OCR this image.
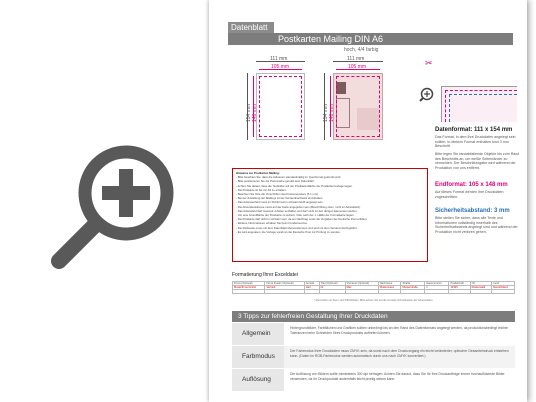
Datenblatt
Postkarten Mailing DIN A6
hoch, 4/4 farbig
111 mm
105 mm
154 mm 148 mm
111 mm
105 mm
154 mm 148 mm
✂
Datenformat: 111 x 154 mm
Das Format, in dem Ihre Druckdaten angelegt sein sollten. In diesem Format enthalten sind 3 mm Beschnitt.
Bitte legen Sie randabfallende Objekte bis zum Rand des Beschnitts an, um weiße Seitenränder zu vermeiden. Der Beschnittzugabe wird während der Produktion von uns entfernt.
Endformat: 105 x 148 mm
Auf dieses Format werden Ihre Druckdaten zugeschnitten.
Sicherheitsabstand: 3 mm
Bitte stellen Sie sicher, dass alle Texte und Informationen vollständig innerhalb des Sicherheitsabstands angelegt sind und während der Produktion nicht verloren gehen.
Hinweise zur Postkarten Mailing:
- Bitte beachten Sie, dass die Adressen standardmäßig im Querformat gedruckt wird.
- Bitte positionieren Sie die Portomarke gemäß dem Datenblatt.
- Achten Sie darauf, dass die Textfelder auf der Postkartenfläche der Postkartenvorlage liegen.
- Die Postkarte ist bis zur A6 zu erhalten.
- Beachten Sie bitte die Vorschriften des Postversenders (5-1 mm).
- Bei der Zustellung der Mailings ist der Versandnachweis einzuhalten.
- Das Adressenfeld muss im Rohformat in schwarz/weiß angelegt sein.
- Die Absenderadresse muss auf der Karte angegeben sein (Beschriftung oben, nicht im Adressfeld).
- Das Adressfeld darf maximal 4 Zeilen enthalten und darf nicht zu den übrigen Elementen stehen.
- Um eine Grundfläche der Postkarte zu sichern, bitte nach der 1. Hälfte der Formatkarte liegen.
- Die Postkarte darf nicht in schwarz sein, da ein Nachtrag muss die Vorgaben der Deutsche Post erfüllen.
- Weitere Informationen erhalten Sie beim Kundenservice.
- Die Rückseite muss mit dem Datenblatt übereinstimmen und wird mit dem Versand durchgeführt.
- Es wird angeraten, die Vorlage vorab an die Deutsche Post zur Prüfung zu senden.
Formatierung Ihrer Exceldatei
Firma (Optional)	Firma Zusatz (Optional)	Anrede	Titel (Optional)	Vorname (Optional)	Nachname	Straße	Hausnummer	Postleitzahl	Ort	Land
Musterfirma GmbH	Vertrieb	Herr	Dr.	Max	Mustermann	Musterstraße	1	12345	Musterstadt	Deutschland

* Alle Felder mit Stern sind Pflichtfelder. Bitte achten Sie auf die korrekte Schreibweise der Adressdaten.
3 Tipps zur fehlerfreien Gestaltung Ihrer Druckdaten
Allgemein
Hintergrundbilder, Farbflächen und Grafiken sollten unbedingt bis an den Rand des Datenformats angelegt werden, da produktionsbedingt leichte Toleranzen beim Schneiden Ihres Druckprodukts auftreten können.
Farbmodus
Der Farbmodus Ihrer Druckdaten muss CMYK sein, da sonst nach dem Druckvorgang ein leicht veränderter, optischer Gesamteindruck entstehen kann. (Daten im RGB-Farbmodus werden automatisch durch uns nach CMYK konvertiert.)
Auflösung
Die Auflösung von Bildern sollte mindestens 300 dpi betragen. Achten Sie darauf, dass Sie für Ihre Druckaufträge immer hochauflösende Bilder verwenden, da Ihr Druckprodukt andernfalls leicht pixelig wirken kann.
